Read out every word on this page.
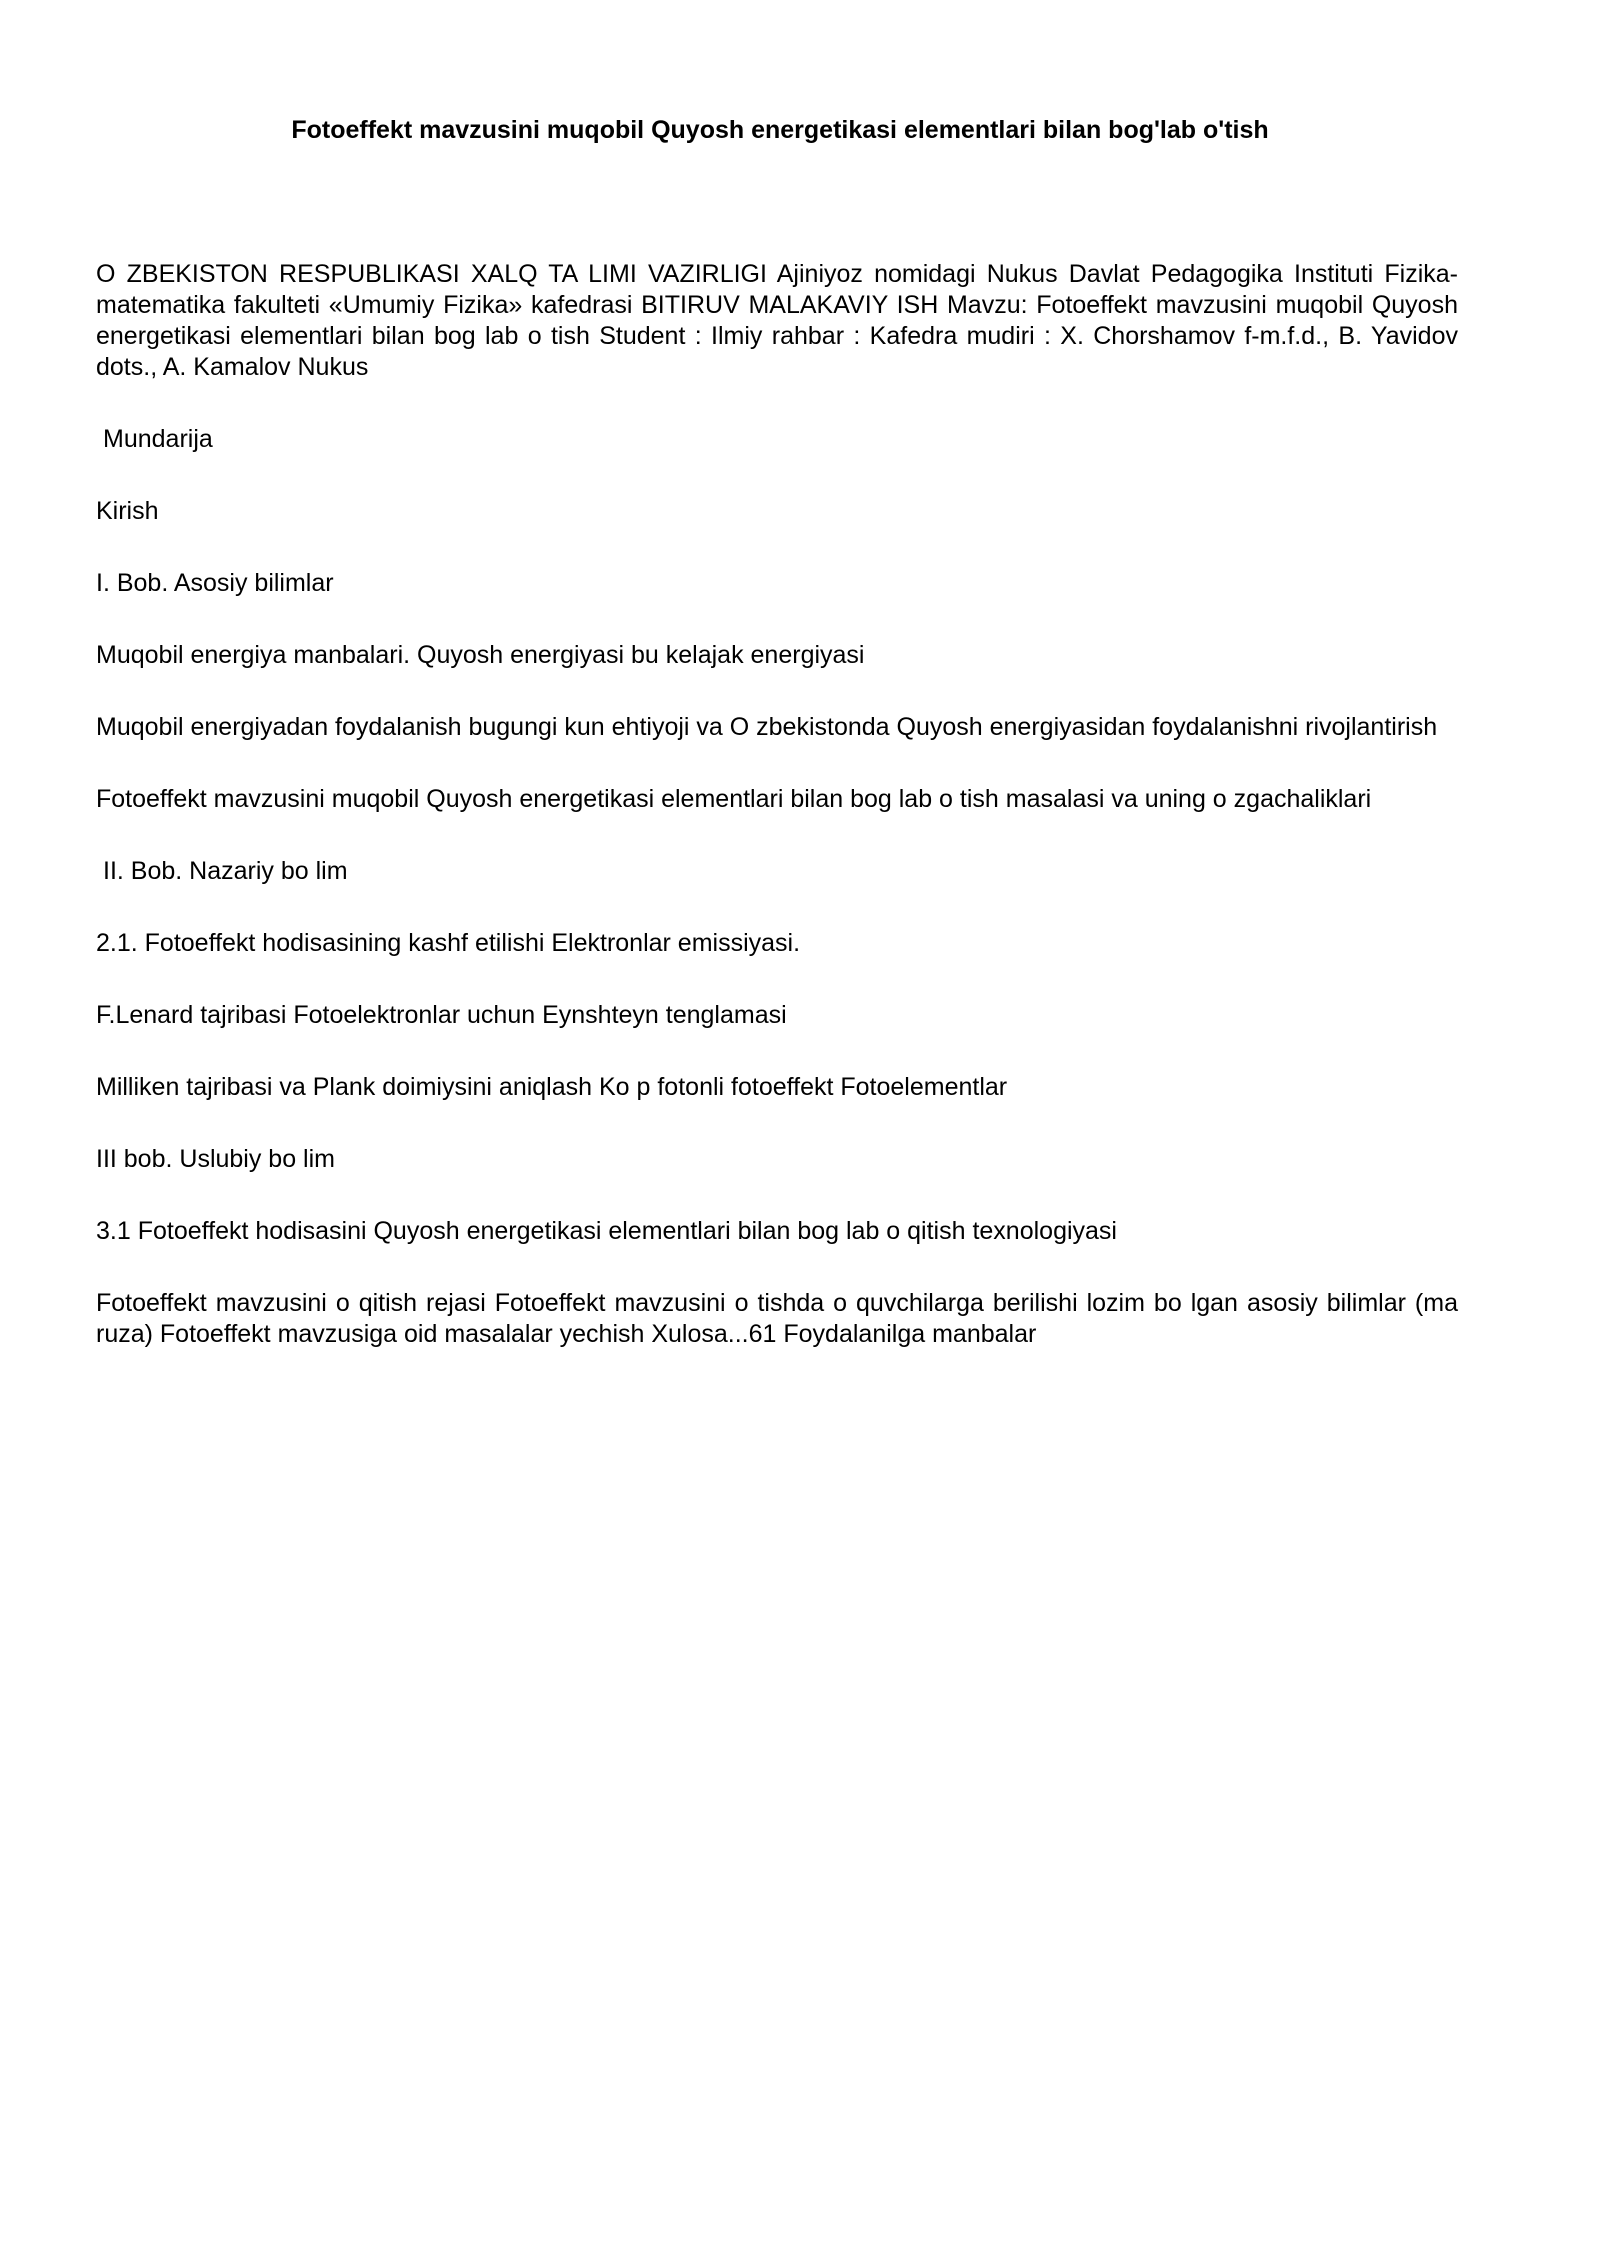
Fotoeffekt mavzusini muqobil Quyosh energetikasi elementlari bilan bog'lab o'tish

O ZBEKISTON RESPUBLIKASI XALQ TA LIMI VAZIRLIGI Ajiniyoz nomidagi Nukus Davlat Pedagogika Instituti Fizika-matematika fakulteti «Umumiy Fizika» kafedrasi BITIRUV MALAKAVIY ISH Mavzu: Fotoeffekt mavzusini muqobil Quyosh energetikasi elementlari bilan bog lab o tish Student : Ilmiy rahbar : Kafedra mudiri : X. Chorshamov f-m.f.d., B. Yavidov dots., A. Kamalov Nukus

Mundarija

Kirish

I. Bob. Asosiy bilimlar

Muqobil energiya manbalari. Quyosh energiyasi bu kelajak energiyasi

Muqobil energiyadan foydalanish bugungi kun ehtiyoji va O zbekistonda Quyosh energiyasidan foydalanishni rivojlantirish

Fotoeffekt mavzusini muqobil Quyosh energetikasi elementlari bilan bog lab o tish masalasi va uning o zgachaliklari

II. Bob. Nazariy bo lim

2.1. Fotoeffekt hodisasining kashf etilishi Elektronlar emissiyasi.

F.Lenard tajribasi Fotoelektronlar uchun Eynshteyn tenglamasi

Milliken tajribasi va Plank doimiysini aniqlash Ko p fotonli fotoeffekt Fotoelementlar

III bob. Uslubiy bo lim

3.1 Fotoeffekt hodisasini Quyosh energetikasi elementlari bilan bog lab o qitish texnologiyasi

Fotoeffekt mavzusini o qitish rejasi Fotoeffekt mavzusini o tishda o quvchilarga berilishi lozim bo lgan asosiy bilimlar (ma ruza) Fotoeffekt mavzusiga oid masalalar yechish Xulosa...61 Foydalanilga manbalar
